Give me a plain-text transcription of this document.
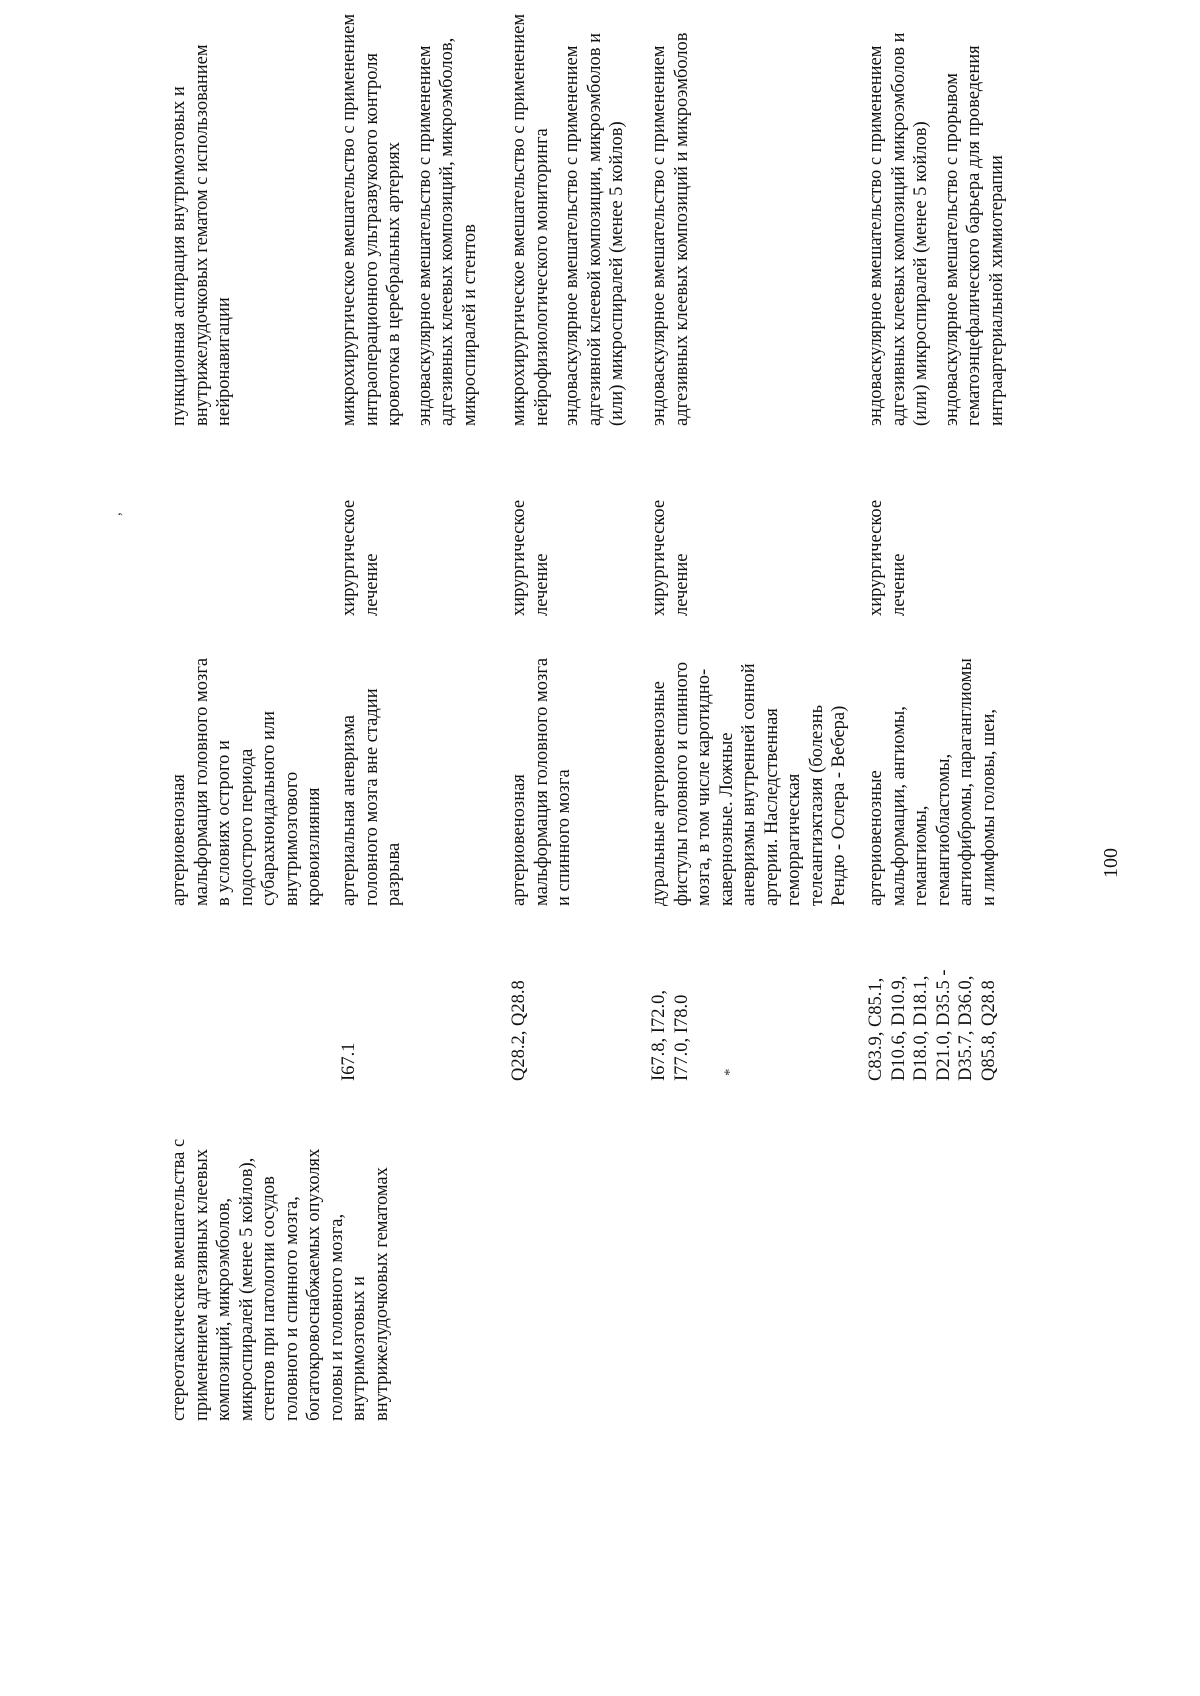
100
,
*

стереотаксические вмешательства с применением адгезивных клеевых композиций, микроэмболов, микроспиралей (менее 5 койлов), стентов при патологии сосудов головного и спинного мозга, богатокровоснабжаемых опухолях головы и головного мозга, внутримозговых и внутрижелудочковых гематомах

артериовенозная мальформация головного мозга в условиях острого и подострого периода субарахноидального или внутримозгового кровоизлияния

пункционная аспирация внутримозговых и внутрижелудочковых гематом с использованием нейронавигации

I67.1

артериальная аневризма головного мозга вне стадии разрыва

хирургическое лечение

микрохирургическое вмешательство с применением интраоперационного ультразвукового контроля кровотока в церебральных артериях эндоваскулярное вмешательство с применением адгезивных клеевых композиций, микроэмболов, микроспиралей и стентов

Q28.2, Q28.8

артериовенозная мальформация головного мозга и спинного мозга

хирургическое лечение

микрохирургическое вмешательство с применением нейрофизиологического мониторинга эндоваскулярное вмешательство с применением адгезивной клеевой композиции, микроэмболов и (или) микроспиралей (менее 5 койлов)

I67.8, I72.0, I77.0, I78.0

дуральные артериовенозные фистулы головного и спинного мозга, в том числе каротидно-кавернозные. Ложные аневризмы внутренней сонной артерии. Наследственная геморрагическая телеангиэктазия (болезнь Рендю - Ослера - Вебера)

хирургическое лечение

эндоваскулярное вмешательство с применением адгезивных клеевых композиций и микроэмболов

C83.9, C85.1, D10.6, D10.9, D18.0, D18.1, D21.0, D35.5 - D35.7, D36.0, Q85.8, Q28.8

артериовенозные мальформации, ангиомы, гемангиомы, гемангиобластомы, ангиофибромы, параганглиомы и лимфомы головы, шеи,

хирургическое лечение

эндоваскулярное вмешательство с применением адгезивных клеевых композиций микроэмболов и (или) микроспиралей (менее 5 койлов) эндоваскулярное вмешательство с прорывом гематоэнцефалического барьера для проведения интраартериальной химиотерапии
